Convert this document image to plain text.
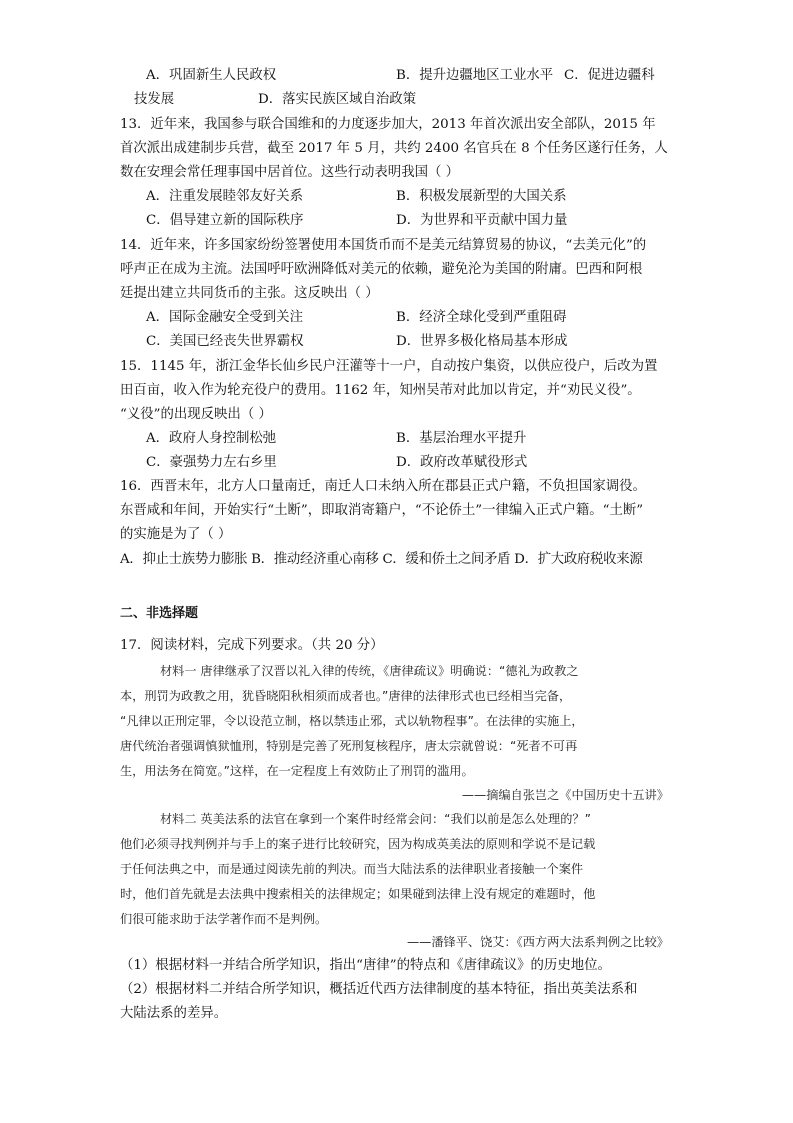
A．巩固新生人民政权	B．提升边疆地区工业水平 C．促进边疆科
技发展	D．落实民族区域自治政策
13．近年来，我国参与联合国维和的力度逐步加大，2013 年首次派出安全部队，2015 年
首次派出成建制步兵营，截至 2017 年 5 月，共约 2400 名官兵在 8 个任务区遂行任务，人
数在安理会常任理事国中居首位。这些行动表明我国（ ）
A．注重发展睦邻友好关系	B．积极发展新型的大国关系
C．倡导建立新的国际秩序	D．为世界和平贡献中国力量
14．近年来，许多国家纷纷签署使用本国货币而不是美元结算贸易的协议，“去美元化”的
呼声正在成为主流。法国呼吁欧洲降低对美元的依赖，避免沦为美国的附庸。巴西和阿根
廷提出建立共同货币的主张。这反映出（ ）
A．国际金融安全受到关注	B．经济全球化受到严重阻碍
C．美国已经丧失世界霸权	D．世界多极化格局基本形成
15．1145 年，浙江金华长仙乡民户汪灌等十一户，自动按户集资，以供应役户，后改为置
田百亩，收入作为轮充役户的费用。1162 年，知州吴芾对此加以肯定，并“劝民义役”。
“义役”的出现反映出（ ）
A．政府人身控制松弛	B．基层治理水平提升
C．豪强势力左右乡里	D．政府改革赋役形式
16．西晋末年，北方人口量南迁，南迁人口未纳入所在郡县正式户籍，不负担国家调役。
东晋咸和年间，开始实行“土断”，即取消寄籍户，“不论侨土”一律编入正式户籍。“土断”
的实施是为了（ ）
A．抑止士族势力膨胀 B．推动经济重心南移 C．缓和侨土之间矛盾 D．扩大政府税收来源
二、非选择题
17．阅读材料，完成下列要求。（共 20 分）
材料一 唐律继承了汉晋以礼入律的传统，《唐律疏议》明确说：“德礼为政教之
本，刑罚为政教之用，犹昏晓阳秋相须而成者也。”唐律的法律形式也已经相当完备，
“凡律以正刑定罪，令以设范立制，格以禁违止邪，式以轨物程事”。在法律的实施上，
唐代统治者强调慎狱恤刑，特别是完善了死刑复核程序，唐太宗就曾说：“死者不可再
生，用法务在简宽。”这样，在一定程度上有效防止了刑罚的滥用。
——摘编自张岂之《中国历史十五讲》
材料二 英美法系的法官在拿到一个案件时经常会问：“我们以前是怎么处理的？”
他们必须寻找判例并与手上的案子进行比较研究，因为构成英美法的原则和学说不是记载
于任何法典之中，而是通过阅读先前的判决。而当大陆法系的法律职业者接触一个案件
时，他们首先就是去法典中搜索相关的法律规定；如果碰到法律上没有规定的难题时，他
们很可能求助于法学著作而不是判例。
——潘锋平、饶艾：《西方两大法系判例之比较》
（1）根据材料一并结合所学知识，指出“唐律”的特点和《唐律疏议》的历史地位。
（2）根据材料二并结合所学知识，概括近代西方法律制度的基本特征，指出英美法系和
大陆法系的差异。
